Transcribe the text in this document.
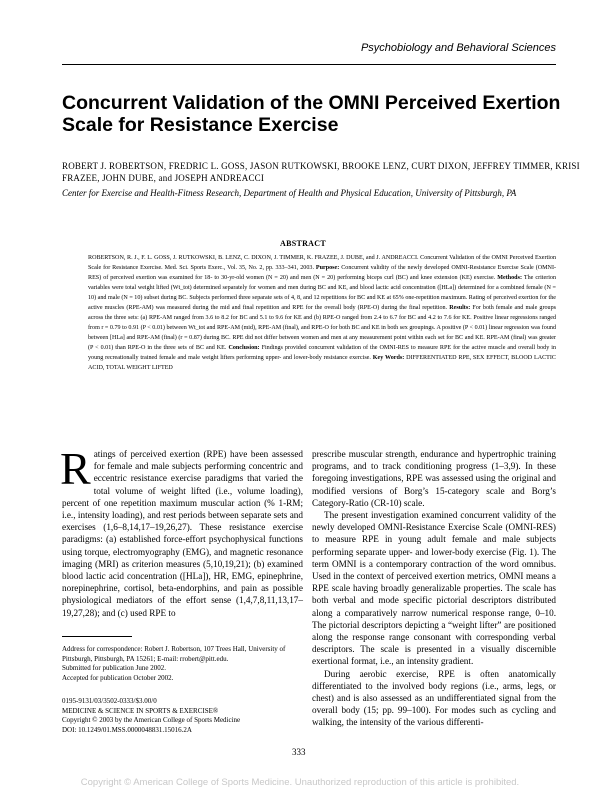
Psychobiology and Behavioral Sciences
Concurrent Validation of the OMNI Perceived Exertion Scale for Resistance Exercise
ROBERT J. ROBERTSON, FREDRIC L. GOSS, JASON RUTKOWSKI, BROOKE LENZ, CURT DIXON, JEFFREY TIMMER, KRISI FRAZEE, JOHN DUBE, and JOSEPH ANDREACCI
Center for Exercise and Health-Fitness Research, Department of Health and Physical Education, University of Pittsburgh, PA
ABSTRACT
ROBERTSON, R. J., F. L. GOSS, J. RUTKOWSKI, B. LENZ, C. DIXON, J. TIMMER, K. FRAZEE, J. DUBE, and J. ANDREACCI. Concurrent Validation of the OMNI Perceived Exertion Scale for Resistance Exercise. Med. Sci. Sports Exerc., Vol. 35, No. 2, pp. 333–341, 2003. Purpose: Concurrent validity of the newly developed OMNI-Resistance Exercise Scale (OMNI-RES) of perceived exertion was examined for 18- to 30-yr-old women (N = 20) and men (N = 20) performing biceps curl (BC) and knee extension (KE) exercise. Methods: The criterion variables were total weight lifted (Wt_tot) determined separately for women and men during BC and KE, and blood lactic acid concentration ([HLa]) determined for a combined female (N = 10) and male (N = 10) subset during BC. Subjects performed three separate sets of 4, 8, and 12 repetitions for BC and KE at 65% one-repetition maximum. Rating of perceived exertion for the active muscles (RPE-AM) was measured during the mid and final repetition and RPE for the overall body (RPE-O) during the final repetition. Results: For both female and male groups across the three sets: (a) RPE-AM ranged from 3.6 to 8.2 for BC and 5.1 to 9.6 for KE and (b) RPE-O ranged from 2.4 to 6.7 for BC and 4.2 to 7.6 for KE. Positive linear regressions ranged from r = 0.79 to 0.91 (P < 0.01) between Wt_tot and RPE-AM (mid), RPE-AM (final), and RPE-O for both BC and KE in both sex groupings. A positive (P < 0.01) linear regression was found between [HLa] and RPE-AM (final) (r = 0.87) during BC. RPE did not differ between women and men at any measurement point within each set for BC and KE. RPE-AM (final) was greater (P < 0.01) than RPE-O in the three sets of BC and KE. Conclusion: Findings provided concurrent validation of the OMNI-RES to measure RPE for the active muscle and overall body in young recreationally trained female and male weight lifters performing upper- and lower-body resistance exercise. Key Words: DIFFERENTIATED RPE, SEX EFFECT, BLOOD LACTIC ACID, TOTAL WEIGHT LIFTED
Ratings of perceived exertion (RPE) have been assessed for female and male subjects performing concentric and eccentric resistance exercise paradigms that varied the total volume of weight lifted (i.e., volume loading), percent of one repetition maximum muscular action (% 1-RM; i.e., intensity loading), and rest periods between separate sets and exercises (1,6–8,14,17–19,26,27). These resistance exercise paradigms: (a) established force-effort psychophysical functions using torque, electromyography (EMG), and magnetic resonance imaging (MRI) as criterion measures (5,10,19,21); (b) examined blood lactic acid concentration ([HLa]), HR, EMG, epinephrine, norepinephrine, cortisol, beta-endorphins, and pain as possible physiological mediators of the effort sense (1,4,7,8,11,13,17–19,27,28); and (c) used RPE to
prescribe muscular strength, endurance and hypertrophic training programs, and to track conditioning progress (1–3,9). In these foregoing investigations, RPE was assessed using the original and modified versions of Borg’s 15-category scale and Borg’s Category-Ratio (CR-10) scale.
The present investigation examined concurrent validity of the newly developed OMNI-Resistance Exercise Scale (OMNI-RES) to measure RPE in young adult female and male subjects performing separate upper- and lower-body exercise (Fig. 1). The term OMNI is a contemporary contraction of the word omnibus. Used in the context of perceived exertion metrics, OMNI means a RPE scale having broadly generalizable properties. The scale has both verbal and mode specific pictorial descriptors distributed along a comparatively narrow numerical response range, 0–10. The pictorial descriptors depicting a “weight lifter” are positioned along the response range consonant with corresponding verbal descriptors. The scale is presented in a visually discernible exertional format, i.e., an intensity gradient.
During aerobic exercise, RPE is often anatomically differentiated to the involved body regions (i.e., arms, legs, or chest) and is also assessed as an undifferentiated signal from the overall body (15; pp. 99–100). For modes such as cycling and walking, the intensity of the various differenti-
Address for correspondence: Robert J. Robertson, 107 Trees Hall, University of Pittsburgh, Pittsburgh, PA 15261; E-mail: rrobert@pitt.edu.
Submitted for publication June 2002.
Accepted for publication October 2002.
0195-9131/03/3502-0333/$3.00/0
MEDICINE & SCIENCE IN SPORTS & EXERCISE®
Copyright © 2003 by the American College of Sports Medicine
DOI: 10.1249/01.MSS.0000048831.15016.2A
333
Copyright © American College of Sports Medicine. Unauthorized reproduction of this article is prohibited.
